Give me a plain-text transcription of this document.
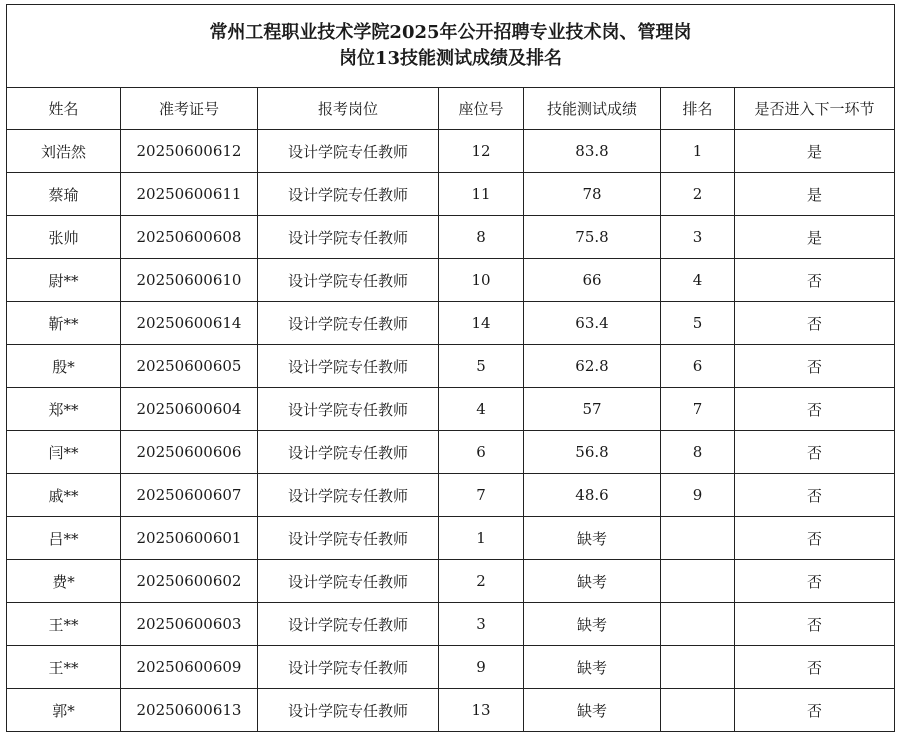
常州工程职业技术学院2025年公开招聘专业技术岗、管理岗
岗位13技能测试成绩及排名						

姓名	准考证号	报考岗位	座位号	技能测试成绩	排名	是否进入下一环节
刘浩然	20250600612	设计学院专任教师	12	83.8	1	是
蔡瑜	20250600611	设计学院专任教师	11	78	2	是
张帅	20250600608	设计学院专任教师	8	75.8	3	是
尉**	20250600610	设计学院专任教师	10	66	4	否
靳**	20250600614	设计学院专任教师	14	63.4	5	否
殷*	20250600605	设计学院专任教师	5	62.8	6	否
郑**	20250600604	设计学院专任教师	4	57	7	否
闫**	20250600606	设计学院专任教师	6	56.8	8	否
戚**	20250600607	设计学院专任教师	7	48.6	9	否
吕**	20250600601	设计学院专任教师	1	缺考		否
费*	20250600602	设计学院专任教师	2	缺考		否
王**	20250600603	设计学院专任教师	3	缺考		否
王**	20250600609	设计学院专任教师	9	缺考		否
郭*	20250600613	设计学院专任教师	13	缺考		否
